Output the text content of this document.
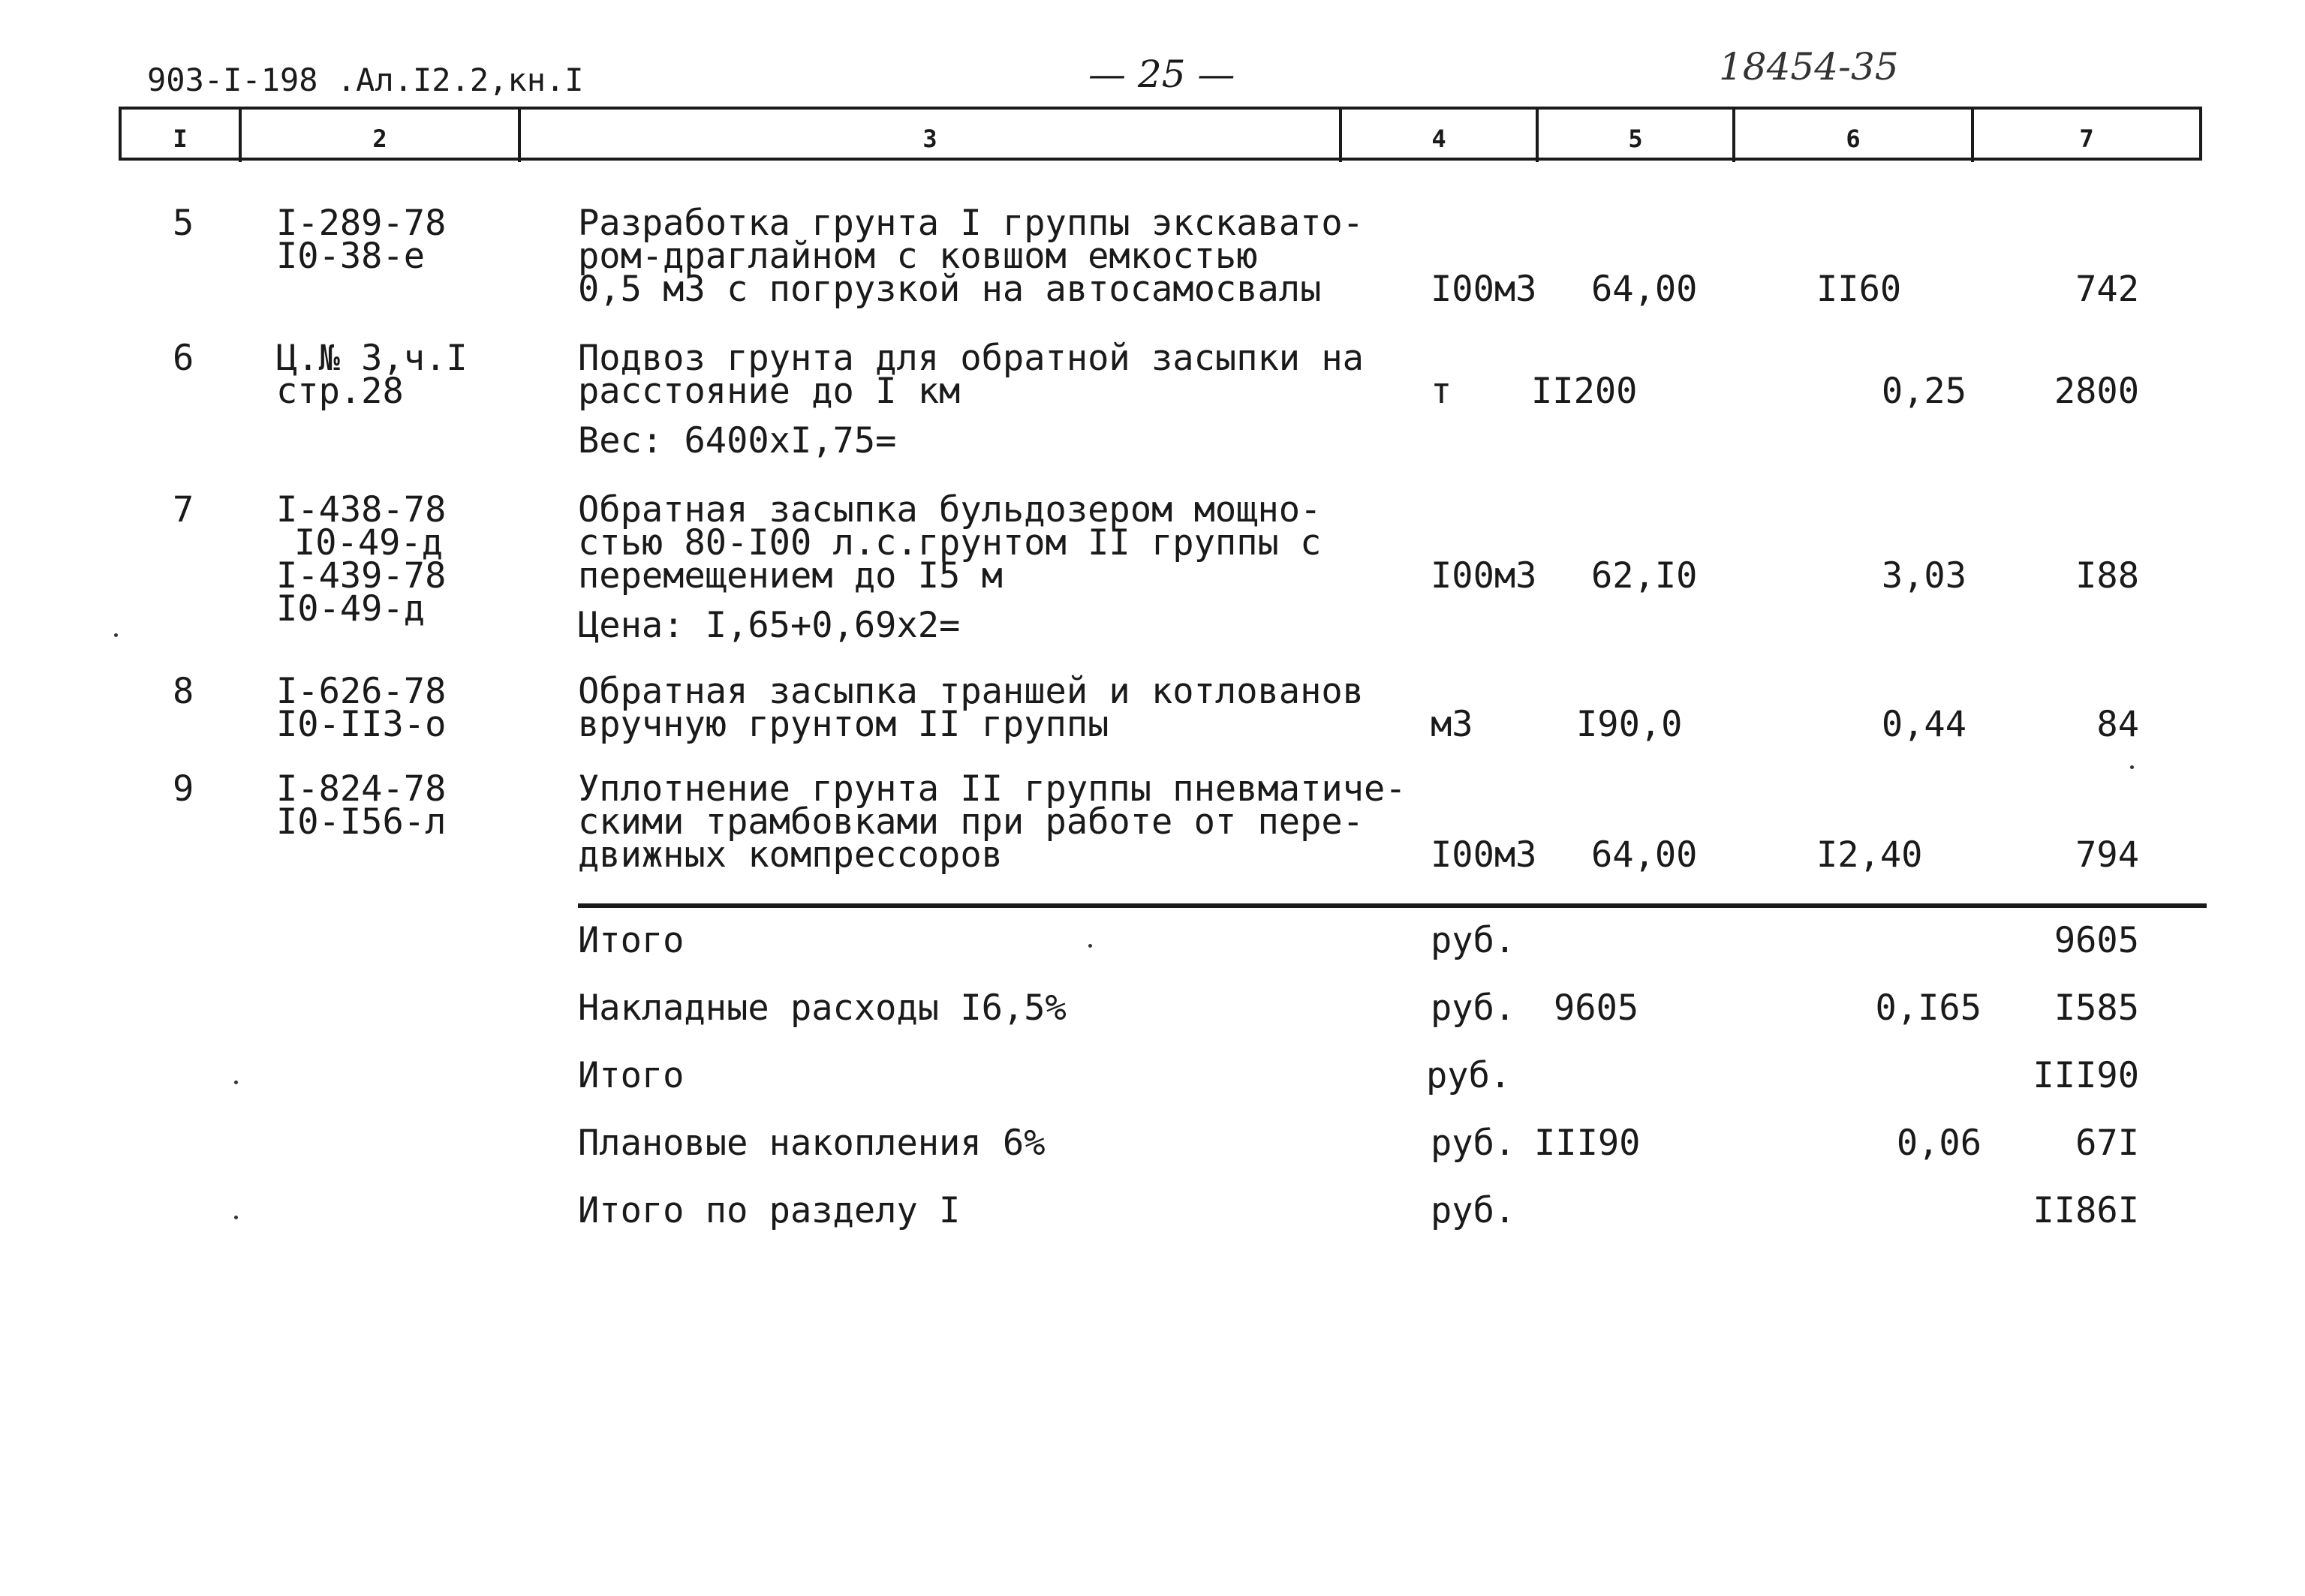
903-I-198 .Ал.I2.2,кн.I	— 25 —	18454-35
I	2	3	4	5	6	7
5 I-289-78
I0-38-е
Разработка грунта I группы экскавато-
ром-драглайном с ковшом емкостью
0,5 м3 с погрузкой на автосамосвалы	I00м3 64,00	II60	742
6 Ц.№ 3,ч.I
стр.28
Подвоз грунта для обратной засыпки на
расстояние до I км
Вес: 6400хI,75=
т II200	0,25	2800
7 I-438-78
I0-49-д
I-439-78
I0-49-д
Обратная засыпка бульдозером мощно-
стью 80-I00 л.с.грунтом II группы с
перемещением до I5 м
Цена: I,65+0,69х2=
I00м3 62,I0	3,03	I88
8 I-626-78
I0-II3-о
Обратная засыпка траншей и котлованов
вручную грунтом II группы	м3	I90,0	0,44	84
9 I-824-78
I0-I56-л
Уплотнение грунта II группы пневматиче-
скими трамбовками при работе от пере-
движных компрессоров	I00м3 64,00	I2,40	794
Итого	руб.	9605
Накладные расходы I6,5%	руб. 9605	0,I65	I585
Итого	руб.	III90
Плановые накопления 6%	руб. III90	0,06	67I
Итого по разделу I	руб.	II86I
